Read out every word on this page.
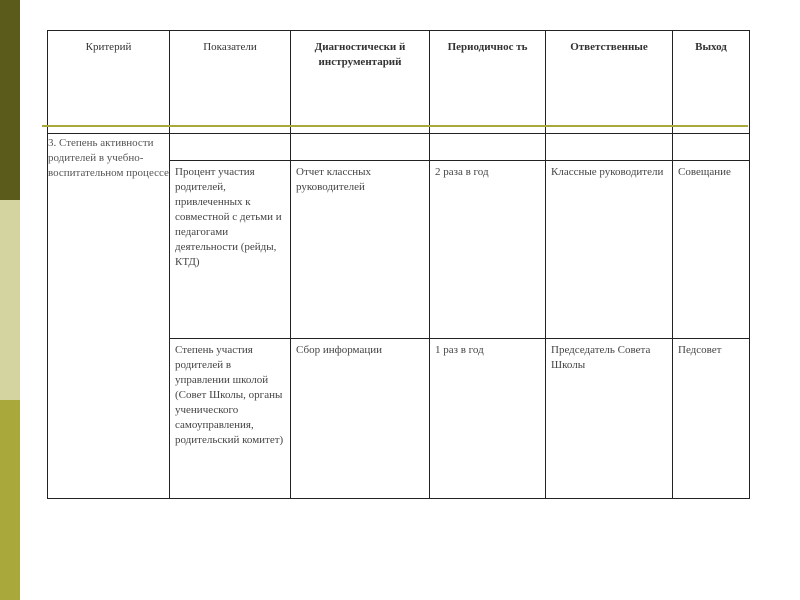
Критерий	Показатели	Диагностически й инструментарий	Периодичнос ть	Ответственные	Выход
3. Степень активности родителей в учебно-воспитательном процессе					
	Процент участия родителей, привлеченных к совместной с детьми и педагогами деятельности (рейды, КТД)	Отчет классных руководителей	2 раза в год	Классные руководители	Совещание
	Степень участия родителей в управлении школой (Совет Школы, органы ученического самоуправления, родительский комитет)	Сбор информации	1 раз в год	Председатель Совета Школы	Педсовет
